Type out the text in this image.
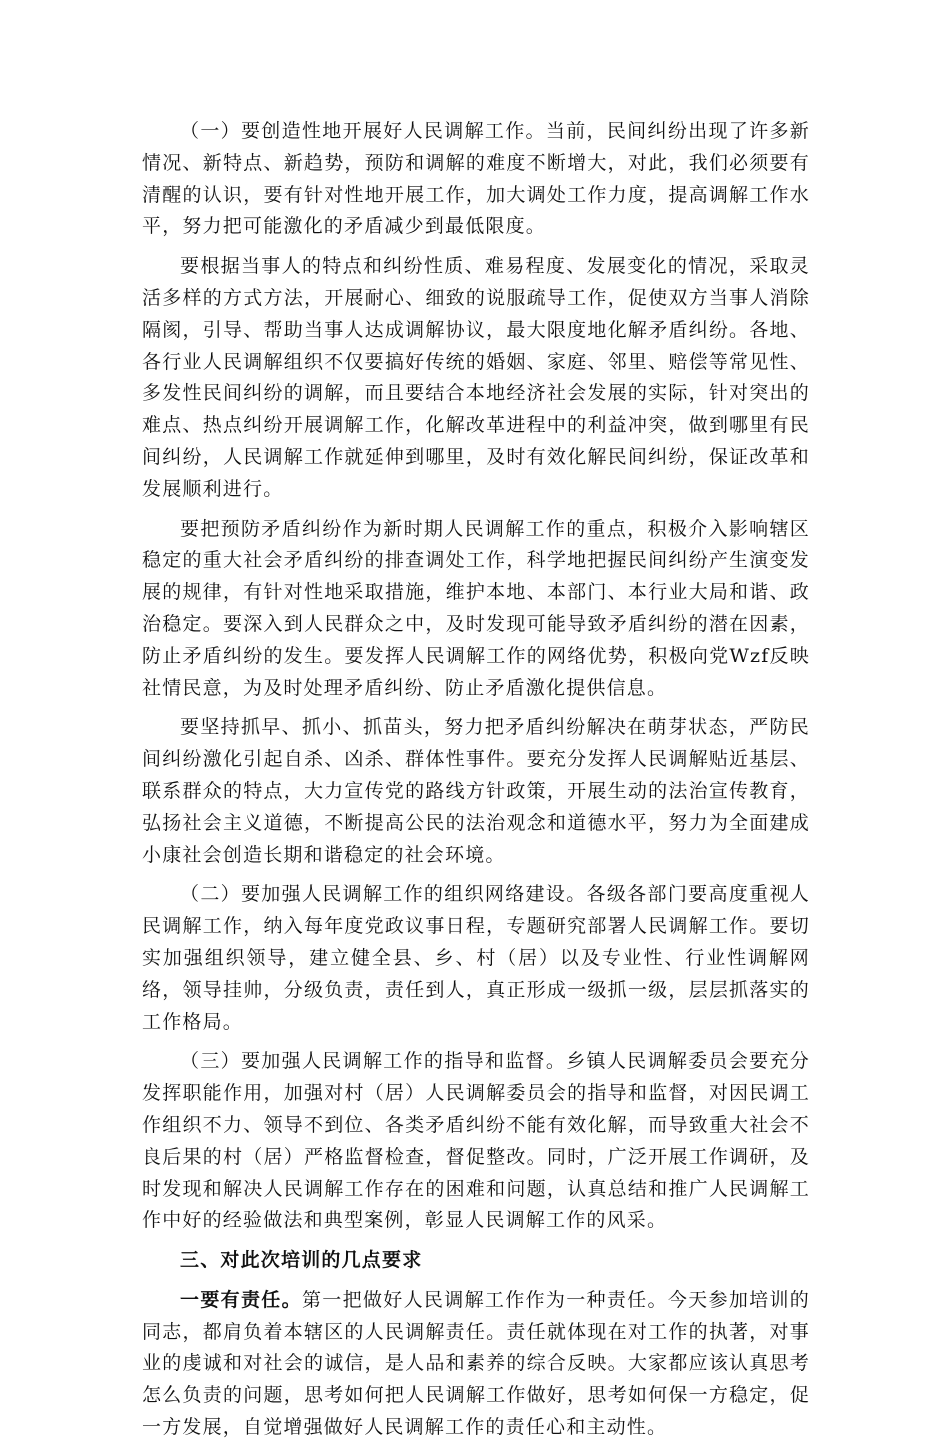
（一）要创造性地开展好人民调解工作。当前，民间纠纷出现了许多新情况、新特点、新趋势，预防和调解的难度不断增大，对此，我们必须要有清醒的认识，要有针对性地开展工作，加大调处工作力度，提高调解工作水平，努力把可能激化的矛盾减少到最低限度。

要根据当事人的特点和纠纷性质、难易程度、发展变化的情况，采取灵活多样的方式方法，开展耐心、细致的说服疏导工作，促使双方当事人消除隔阂，引导、帮助当事人达成调解协议，最大限度地化解矛盾纠纷。各地、各行业人民调解组织不仅要搞好传统的婚姻、家庭、邻里、赔偿等常见性、多发性民间纠纷的调解，而且要结合本地经济社会发展的实际，针对突出的难点、热点纠纷开展调解工作，化解改革进程中的利益冲突，做到哪里有民间纠纷，人民调解工作就延伸到哪里，及时有效化解民间纠纷，保证改革和发展顺利进行。

要把预防矛盾纠纷作为新时期人民调解工作的重点，积极介入影响辖区稳定的重大社会矛盾纠纷的排查调处工作，科学地把握民间纠纷产生演变发展的规律，有针对性地采取措施，维护本地、本部门、本行业大局和谐、政治稳定。要深入到人民群众之中，及时发现可能导致矛盾纠纷的潜在因素，防止矛盾纠纷的发生。要发挥人民调解工作的网络优势，积极向党Wzf反映社情民意，为及时处理矛盾纠纷、防止矛盾激化提供信息。

要坚持抓早、抓小、抓苗头，努力把矛盾纠纷解决在萌芽状态，严防民间纠纷激化引起自杀、凶杀、群体性事件。要充分发挥人民调解贴近基层、联系群众的特点，大力宣传党的路线方针政策，开展生动的法治宣传教育，弘扬社会主义道德，不断提高公民的法治观念和道德水平，努力为全面建成小康社会创造长期和谐稳定的社会环境。

（二）要加强人民调解工作的组织网络建设。各级各部门要高度重视人民调解工作，纳入每年度党政议事日程，专题研究部署人民调解工作。要切实加强组织领导，建立健全县、乡、村（居）以及专业性、行业性调解网络，领导挂帅，分级负责，责任到人，真正形成一级抓一级，层层抓落实的工作格局。

（三）要加强人民调解工作的指导和监督。乡镇人民调解委员会要充分发挥职能作用，加强对村（居）人民调解委员会的指导和监督，对因民调工作组织不力、领导不到位、各类矛盾纠纷不能有效化解，而导致重大社会不良后果的村（居）严格监督检查，督促整改。同时，广泛开展工作调研，及时发现和解决人民调解工作存在的困难和问题，认真总结和推广人民调解工作中好的经验做法和典型案例，彰显人民调解工作的风采。

三、对此次培训的几点要求

一要有责任。第一把做好人民调解工作作为一种责任。今天参加培训的同志，都肩负着本辖区的人民调解责任。责任就体现在对工作的执著，对事业的虔诚和对社会的诚信，是人品和素养的综合反映。大家都应该认真思考怎么负责的问题，思考如何把人民调解工作做好，思考如何保一方稳定，促一方发展，自觉增强做好人民调解工作的责任心和主动性。
